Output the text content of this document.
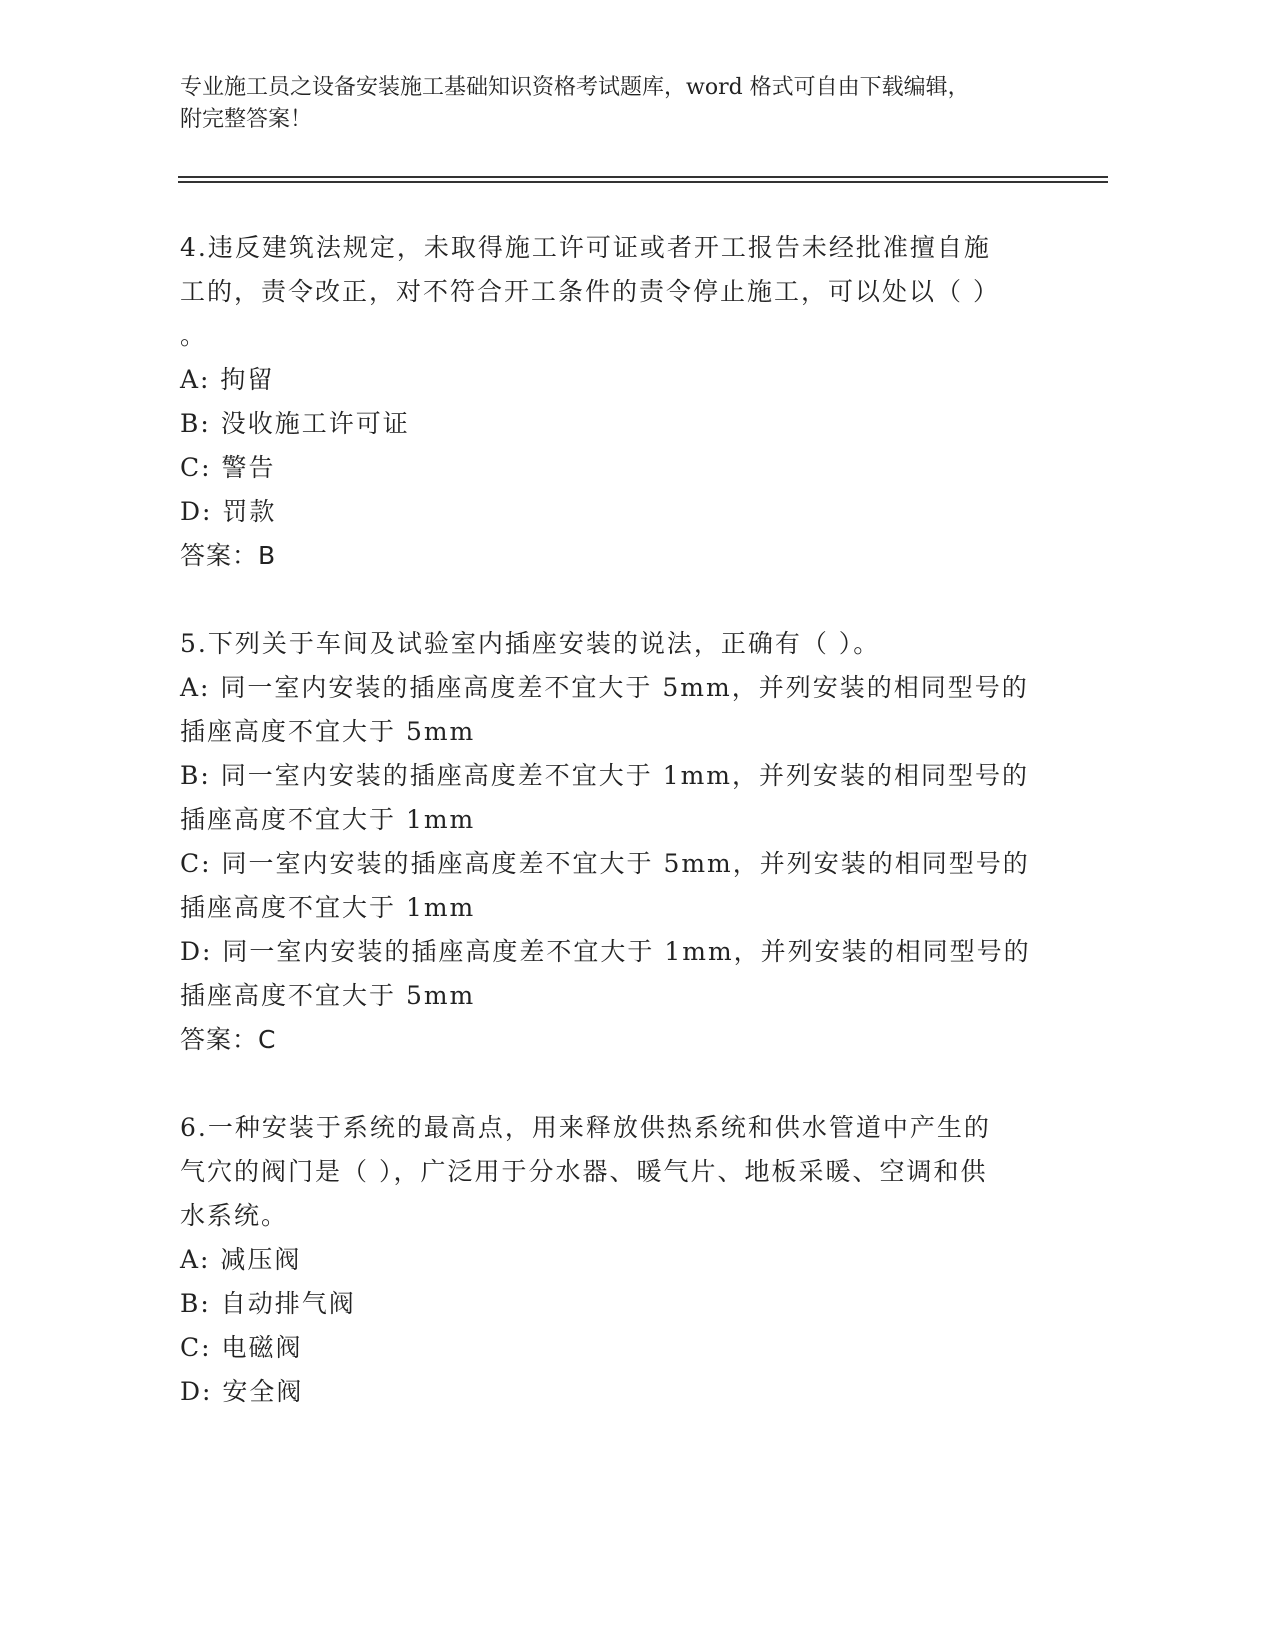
专业施工员之设备安装施工基础知识资格考试题库，word 格式可自由下载编辑，
附完整答案！
4.违反建筑法规定，未取得施工许可证或者开工报告未经批准擅自施
工的，责令改正，对不符合开工条件的责令停止施工，可以处以（ ）
。
A: 拘留
B: 没收施工许可证
C: 警告
D: 罚款
答案：B
5.下列关于车间及试验室内插座安装的说法，正确有（ ）。
A: 同一室内安装的插座高度差不宜大于 5mm，并列安装的相同型号的
插座高度不宜大于 5mm
B: 同一室内安装的插座高度差不宜大于 1mm，并列安装的相同型号的
插座高度不宜大于 1mm
C: 同一室内安装的插座高度差不宜大于 5mm，并列安装的相同型号的
插座高度不宜大于 1mm
D: 同一室内安装的插座高度差不宜大于 1mm，并列安装的相同型号的
插座高度不宜大于 5mm
答案：C
6.一种安装于系统的最高点，用来释放供热系统和供水管道中产生的
气穴的阀门是（ ），广泛用于分水器、暖气片、地板采暖、空调和供
水系统。
A: 减压阀
B: 自动排气阀
C: 电磁阀
D: 安全阀
